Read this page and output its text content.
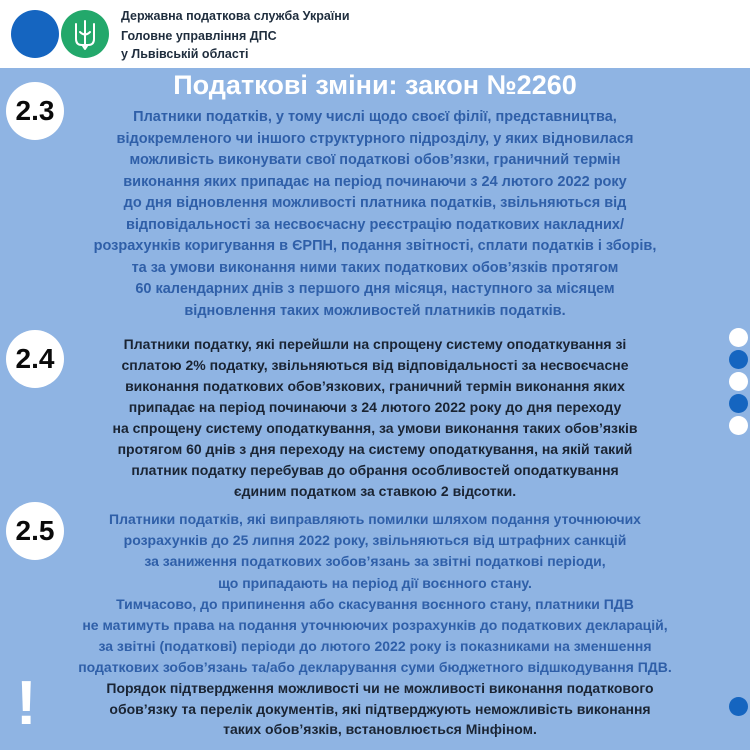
Державна податкова служба України
Головне управління ДПС
у Львівській області
Податкові зміни: закон №2260
2.3	Платники податків, у тому числі щодо своєї філії, представництва,
відокремленого чи іншого структурного підрозділу, у яких відновилася
можливість виконувати свої податкові обов’язки, граничний термін
виконання яких припадає на період починаючи з 24 лютого 2022 року
до дня відновлення можливості платника податків, звільняються від
відповідальності за несвоєчасну реєстрацію податкових накладних/
розрахунків коригування в ЄРПН, подання звітності, сплати податків і зборів,
та за умови виконання ними таких податкових обов’язків протягом
60 календарних днів з першого дня місяця, наступного за місяцем
відновлення таких можливостей платників податків.
2.4	Платники податку, які перейшли на спрощену систему оподаткування зі
сплатою 2% податку, звільняються від відповідальності за несвоєчасне
виконання податкових обов’язкових, граничний термін виконання яких
припадає на період починаючи з 24 лютого 2022 року до дня переходу
на спрощену систему оподаткування, за умови виконання таких обов’язків
протягом 60 днів з дня переходу на систему оподаткування, на якій такий
платник податку перебував до обрання особливостей оподаткування
єдиним податком за ставкою 2 відсотки.
2.5	Платники податків, які виправляють помилки шляхом подання уточнюючих
розрахунків до 25 липня 2022 року, звільняються від штрафних санкцій
за заниження податкових зобов’язань за звітні податкові періоди,
що припадають на період дії воєнного стану.
Тимчасово, до припинення або скасування воєнного стану, платники ПДВ
не матимуть права на подання уточнюючих розрахунків до податкових декларацій,
за звітні (податкові) періоди до лютого 2022 року із показниками на зменшення
податкових зобов’язань та/або декларування суми бюджетного відшкодування ПДВ.
!	Порядок підтвердження можливості чи не можливості виконання податкового
обов’язку та перелік документів, які підтверджують неможливість виконання
таких обов’язків, встановлюється Мінфіном.
